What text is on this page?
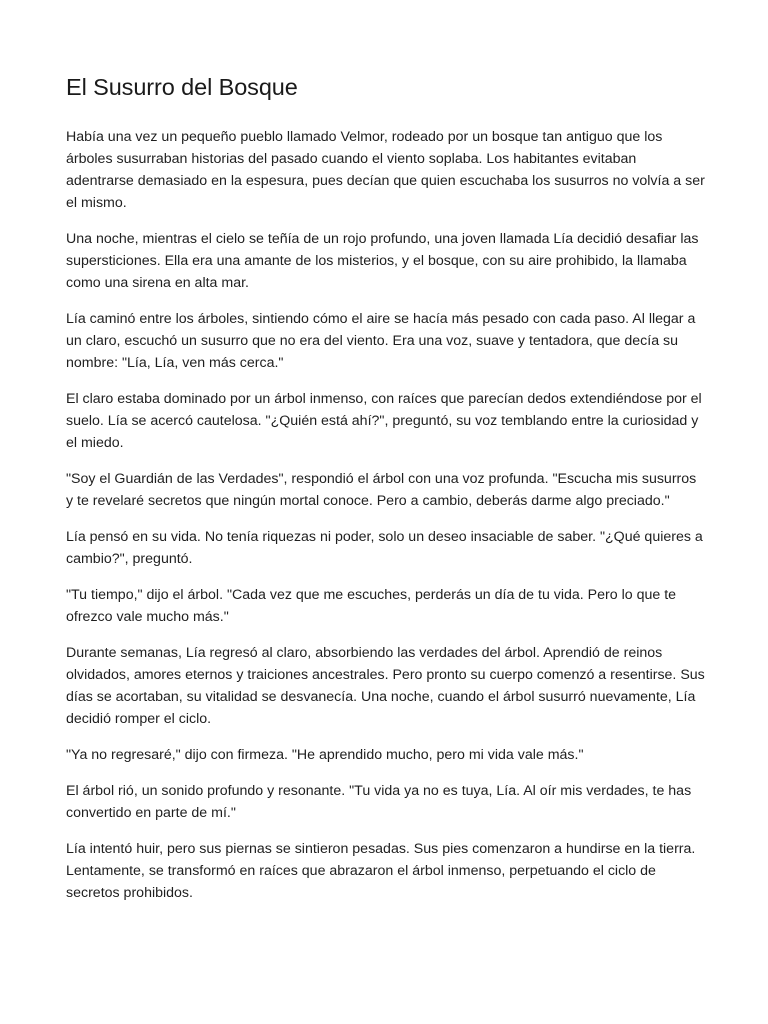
El Susurro del Bosque

Había una vez un pequeño pueblo llamado Velmor, rodeado por un bosque tan antiguo que los árboles susurraban historias del pasado cuando el viento soplaba. Los habitantes evitaban adentrarse demasiado en la espesura, pues decían que quien escuchaba los susurros no volvía a ser el mismo.

Una noche, mientras el cielo se teñía de un rojo profundo, una joven llamada Lía decidió desafiar las supersticiones. Ella era una amante de los misterios, y el bosque, con su aire prohibido, la llamaba como una sirena en alta mar.

Lía caminó entre los árboles, sintiendo cómo el aire se hacía más pesado con cada paso. Al llegar a un claro, escuchó un susurro que no era del viento. Era una voz, suave y tentadora, que decía su nombre: "Lía, Lía, ven más cerca."

El claro estaba dominado por un árbol inmenso, con raíces que parecían dedos extendiéndose por el suelo. Lía se acercó cautelosa. "¿Quién está ahí?", preguntó, su voz temblando entre la curiosidad y el miedo.

"Soy el Guardián de las Verdades", respondió el árbol con una voz profunda. "Escucha mis susurros y te revelaré secretos que ningún mortal conoce. Pero a cambio, deberás darme algo preciado."

Lía pensó en su vida. No tenía riquezas ni poder, solo un deseo insaciable de saber. "¿Qué quieres a cambio?", preguntó.

"Tu tiempo," dijo el árbol. "Cada vez que me escuches, perderás un día de tu vida. Pero lo que te ofrezco vale mucho más."

Durante semanas, Lía regresó al claro, absorbiendo las verdades del árbol. Aprendió de reinos olvidados, amores eternos y traiciones ancestrales. Pero pronto su cuerpo comenzó a resentirse. Sus días se acortaban, su vitalidad se desvanecía. Una noche, cuando el árbol susurró nuevamente, Lía decidió romper el ciclo.

"Ya no regresaré," dijo con firmeza. "He aprendido mucho, pero mi vida vale más."

El árbol rió, un sonido profundo y resonante. "Tu vida ya no es tuya, Lía. Al oír mis verdades, te has convertido en parte de mí."

Lía intentó huir, pero sus piernas se sintieron pesadas. Sus pies comenzaron a hundirse en la tierra. Lentamente, se transformó en raíces que abrazaron el árbol inmenso, perpetuando el ciclo de secretos prohibidos.
